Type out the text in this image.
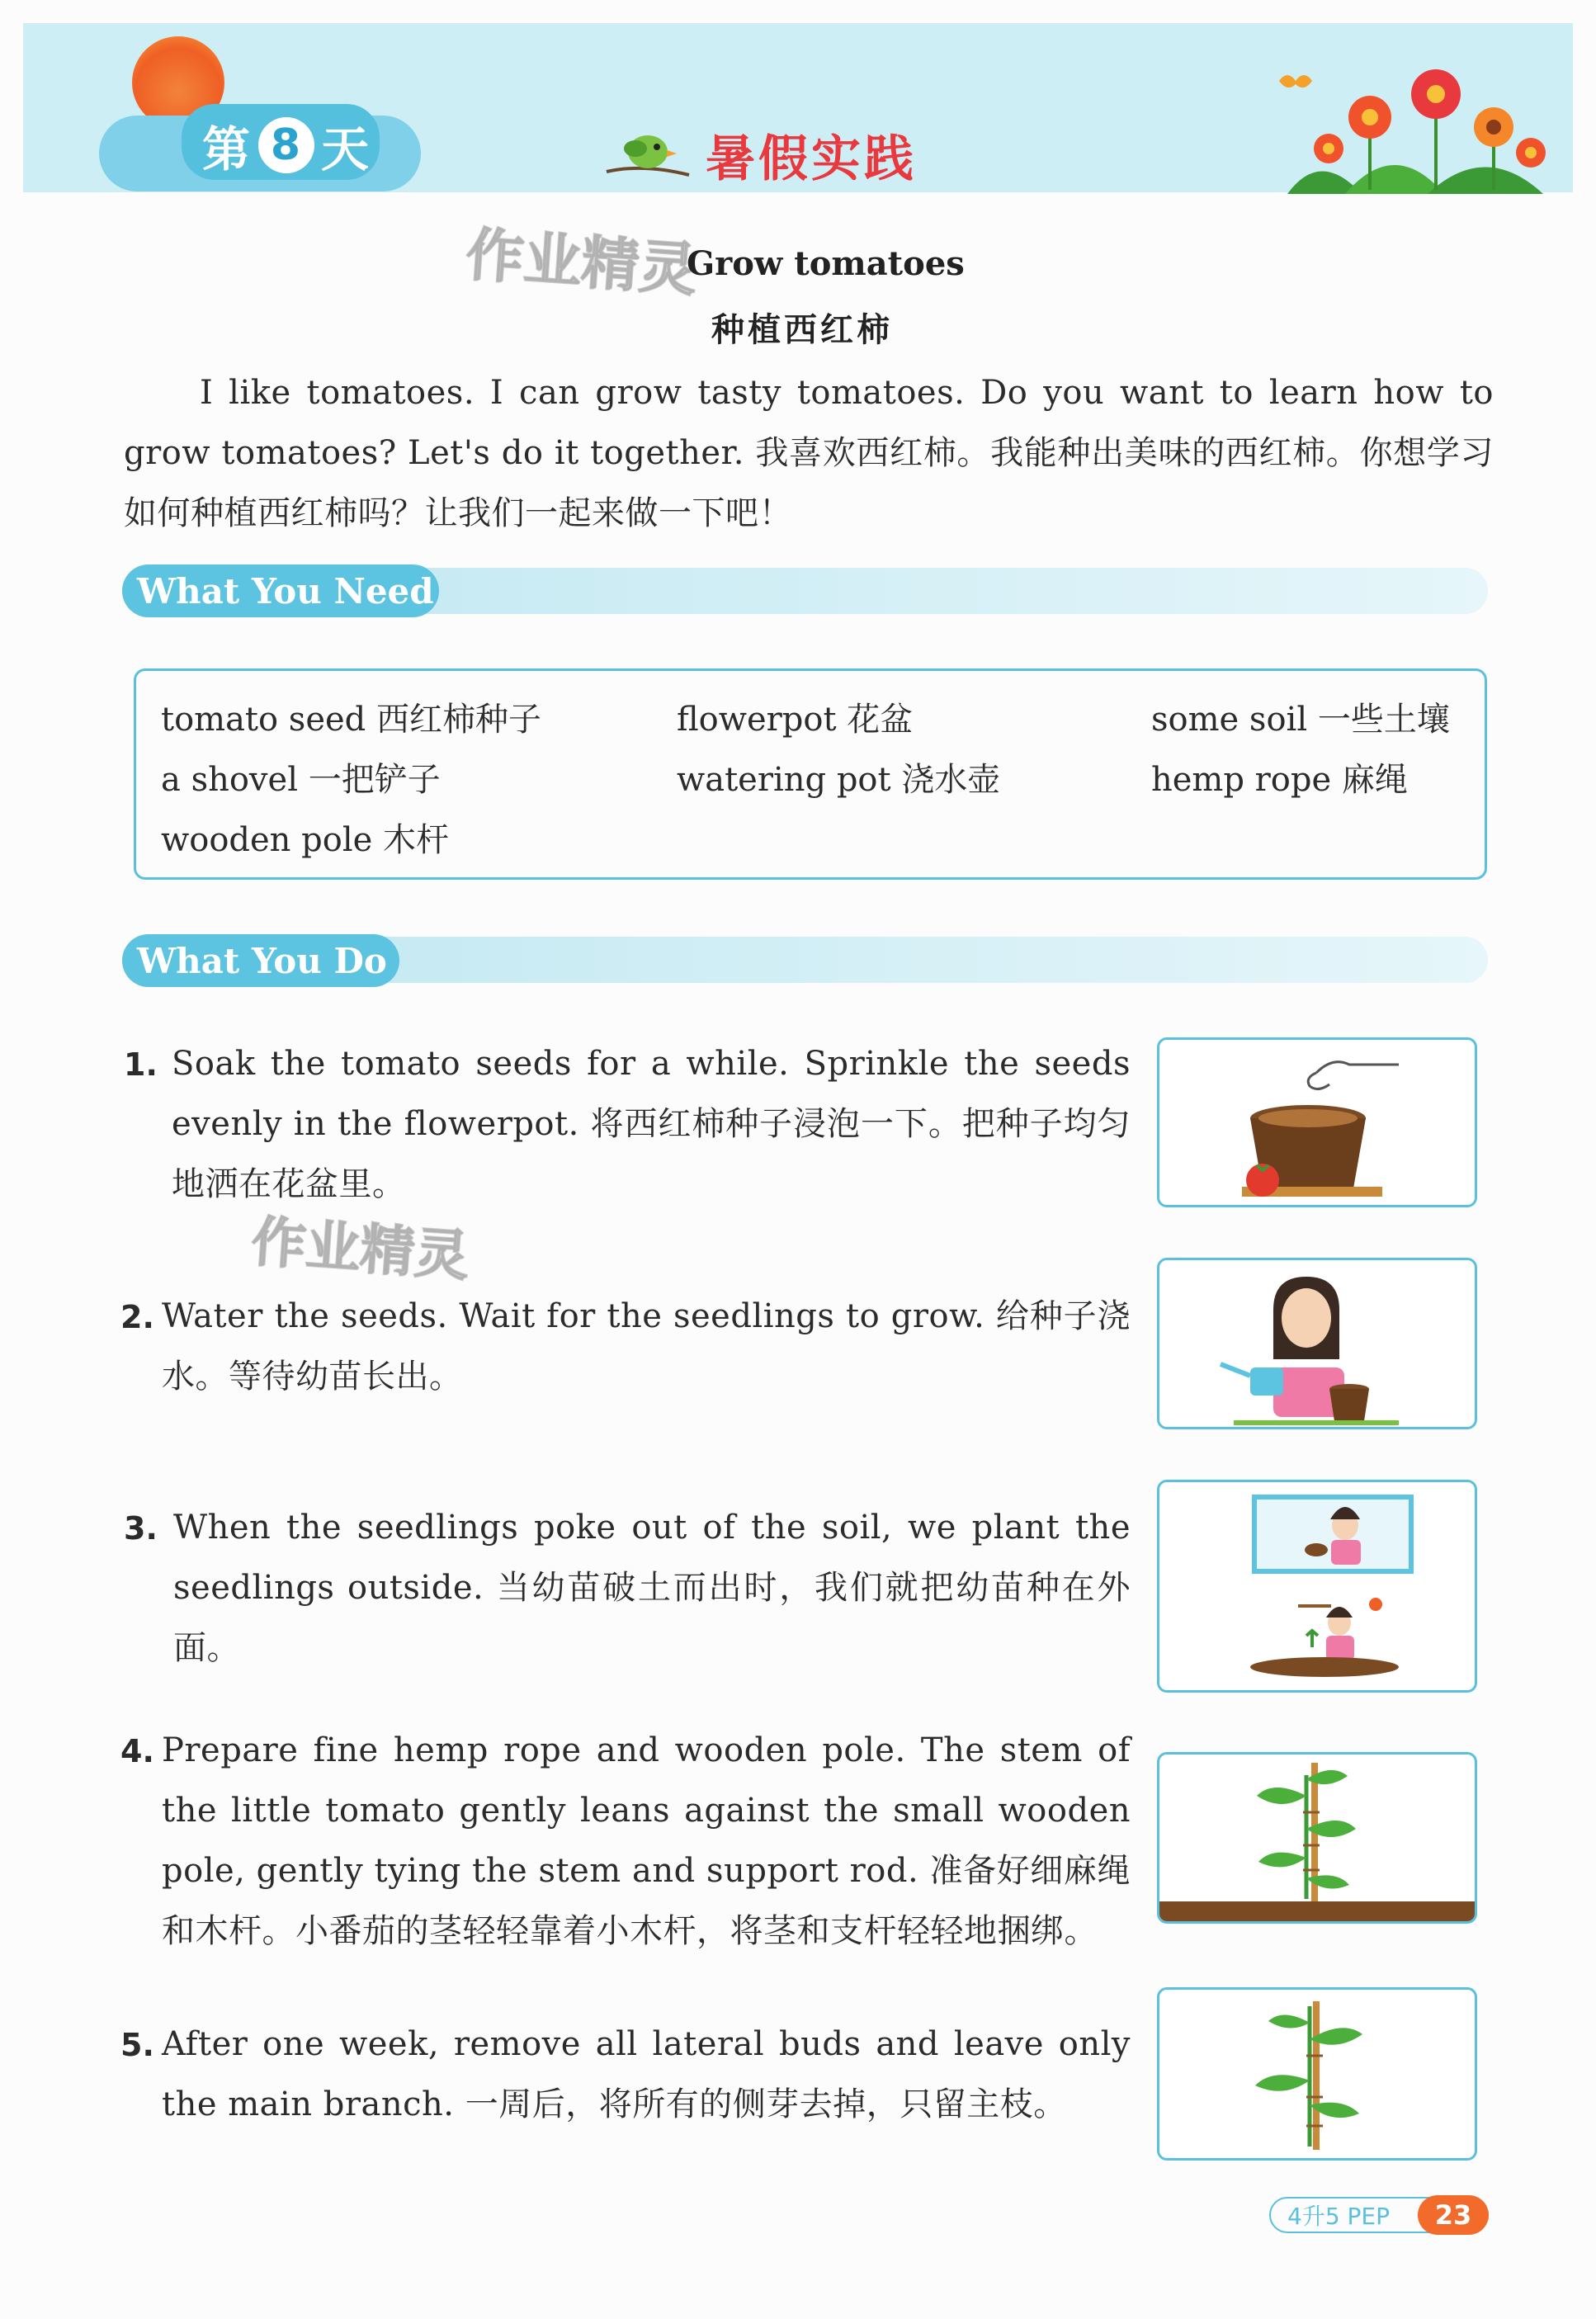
第 8 天	暑假实践
作业精灵
作业精灵
Grow tomatoes
种植西红柿
I like tomatoes. I can grow tasty tomatoes. Do you want to learn how to grow tomatoes? Let's do it together. 我喜欢西红柿。我能种出美味的西红柿。你想学习如何种植西红柿吗？让我们一起来做一下吧！
What You Need
tomato seed 西红柿种子	flowerpot 花盆	some soil 一些土壤
a shovel 一把铲子	watering pot 浇水壶	hemp rope 麻绳
wooden pole 木杆
What You Do
1. Soak the tomato seeds for a while. Sprinkle the seeds evenly in the flowerpot. 将西红柿种子浸泡一下。把种子均匀地洒在花盆里。
2. Water the seeds. Wait for the seedlings to grow. 给种子浇水。等待幼苗长出。
3. When the seedlings poke out of the soil, we plant the seedlings outside. 当幼苗破土而出时，我们就把幼苗种在外面。
4. Prepare fine hemp rope and wooden pole. The stem of the little tomato gently leans against the small wooden pole, gently tying the stem and support rod. 准备好细麻绳和木杆。小番茄的茎轻轻靠着小木杆，将茎和支杆轻轻地捆绑。
5. After one week, remove all lateral buds and leave only the main branch. 一周后，将所有的侧芽去掉，只留主枝。
4升5 PEP	23
